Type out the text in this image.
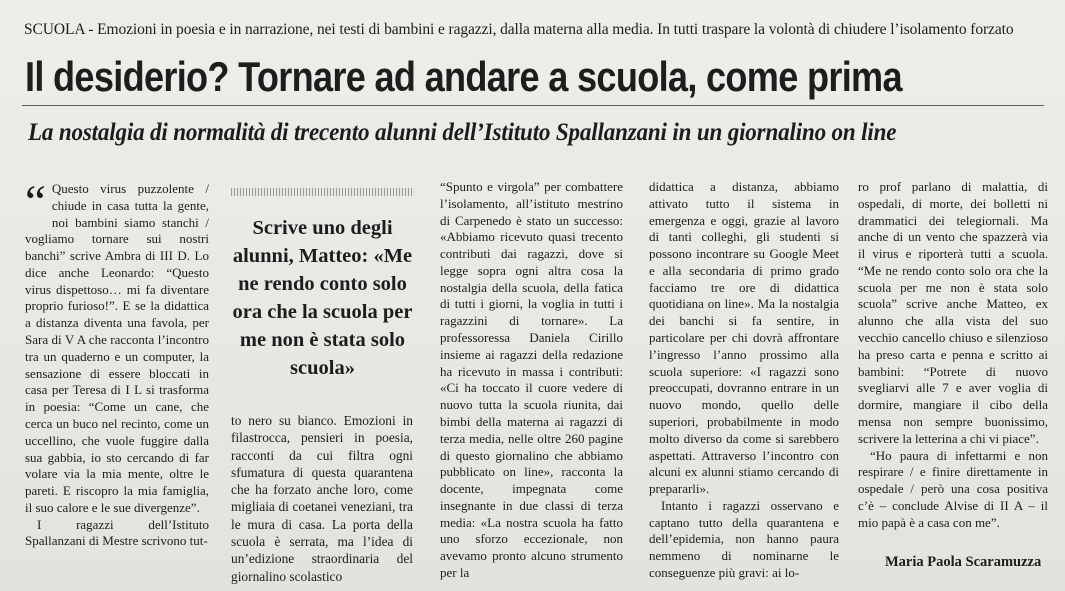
SCUOLA - Emozioni in poesia e in narrazione, nei testi di bambini e ragazzi, dalla materna alla media. In tutti traspare la volontà di chiudere l’isolamento forzato
Il desiderio? Tornare ad andare a scuola, come prima
La nostalgia di normalità di trecento alunni dell’Istituto Spallanzani in un giornalino on line

“ Questo virus puzzolente / chiude in casa tutta la gente, noi bambini siamo stanchi / vogliamo tornare sui nostri banchi” scrive Ambra di III D. Lo dice anche Leonardo: “Questo virus dispettoso… mi fa diventare proprio furioso!”. E se la didattica a distanza diventa una favola, per Sara di V A che racconta l’incontro tra un quaderno e un computer, la sensazione di essere bloccati in casa per Teresa di I L si trasforma in poesia: “Come un cane, che cerca un buco nel recinto, come un uccellino, che vuole fuggire dalla sua gabbia, io sto cercando di far volare via la mia mente, oltre le pareti. E riscopro la mia famiglia, il suo calore e le sue divergenze”.

I ragazzi dell’Istituto Spallanzani di Mestre scrivono tut-

Scrive uno degli alunni, Matteo: «Me ne rendo conto solo ora che la scuola per me non è stata solo scuola»

to nero su bianco. Emozioni in filastrocca, pensieri in poesia, racconti da cui filtra ogni sfumatura di questa quarantena che ha forzato anche loro, come migliaia di coetanei veneziani, tra le mura di casa. La porta della scuola è serrata, ma l’idea di un’edizione straordinaria del giornalino scolastico

“Spunto e virgola” per combattere l’isolamento, all’istituto mestrino di Carpenedo è stato un successo: «Abbiamo ricevuto quasi trecento contributi dai ragazzi, dove si legge sopra ogni altra cosa la nostalgia della scuola, della fatica di tutti i giorni, la voglia in tutti i ragazzini di tornare». La professoressa Daniela Cirillo insieme ai ragazzi della redazione ha ricevuto in massa i contributi: «Ci ha toccato il cuore vedere di nuovo tutta la scuola riunita, dai bimbi della materna ai ragazzi di terza media, nelle oltre 260 pagine di questo giornalino che abbiamo pubblicato on line», racconta la docente, impegnata come insegnante in due classi di terza media: «La nostra scuola ha fatto uno sforzo eccezionale, non avevamo pronto alcuno strumento per la

didattica a distanza, abbiamo attivato tutto il sistema in emergenza e oggi, grazie al lavoro di tanti colleghi, gli studenti si possono incontrare su Google Meet e alla secondaria di primo grado facciamo tre ore di didattica quotidiana on line». Ma la nostalgia dei banchi si fa sentire, in particolare per chi dovrà affrontare l’ingresso l’anno prossimo alla scuola superiore: «I ragazzi sono preoccupati, dovranno entrare in un nuovo mondo, quello delle superiori, probabilmente in modo molto diverso da come si sarebbero aspettati. Attraverso l’incontro con alcuni ex alunni stiamo cercando di prepararli».

Intanto i ragazzi osservano e captano tutto della quarantena e dell’epidemia, non hanno paura nemmeno di nominarne le conseguenze più gravi: ai lo-

ro prof parlano di malattia, di ospedali, di morte, dei bolletti ni drammatici dei telegiornali. Ma anche di un vento che spazzerà via il virus e riporterà tutti a scuola. “Me ne rendo conto solo ora che la scuola per me non è stata solo scuola” scrive anche Matteo, ex alunno che alla vista del suo vecchio cancello chiuso e silenzioso ha preso carta e penna e scritto ai bambini: “Potrete di nuovo svegliarvi alle 7 e aver voglia di dormire, mangiare il cibo della mensa non sempre buonissimo, scrivere la letterina a chi vi piace”.

“Ho paura di infettarmi e non respirare / e finire direttamente in ospedale / però una cosa positiva c’è – conclude Alvise di II A – il mio papà è a casa con me”.

Maria Paola Scaramuzza
